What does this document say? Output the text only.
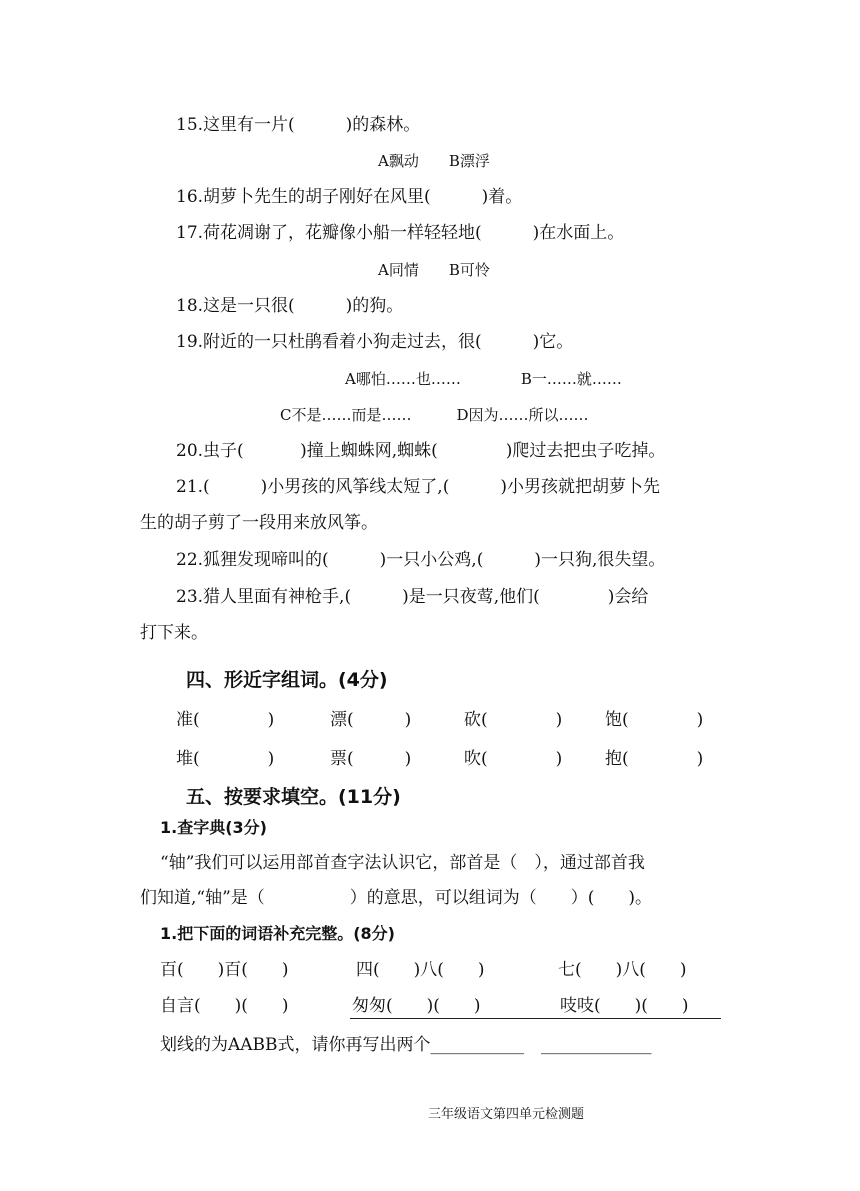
15.这里有一片(　　　)的森林。
A飘动　　B漂浮
16.胡萝卜先生的胡子刚好在风里(　　　)着。
17.荷花凋谢了，花瓣像小船一样轻轻地(　　　)在水面上。
A同情　　B可怜
18.这是一只很(　　　)的狗。
19.附近的一只杜鹃看着小狗走过去，很(　　　)它。
A哪怕……也……　　　　B一……就……
C不是……而是……　　　D因为……所以……
20.虫子(　　　 )撞上蜘蛛网,蜘蛛(　　　　)爬过去把虫子吃掉。
21.(　　　)小男孩的风筝线太短了,(　　　)小男孩就把胡萝卜先
生的胡子剪了一段用来放风筝。
22.狐狸发现啼叫的(　　　)一只小公鸡,(　　　)一只狗,很失望。
23.猎人里面有神枪手,(　　　)是一只夜莺,他们(　　　　)会给
打下来。
四、形近字组词。(4分)
准(　　　　)	漂(　　　)	砍(　　　　)	饱(　　　　)
堆(　　　　)	票(　　　)	吹(　　　　)	抱(　　　　)
五、按要求填空。(11分)
1.查字典(3分)
“轴”我们可以运用部首查字法认识它，部首是（　），通过部首我
们知道,“轴”是（　　　　　）的意思，可以组词为（　　）(　　)。
1.把下面的词语补充完整。(8分)
百(　　)百(　　)	四(　　)八(　　)	七(　　)八(　　)
自言(　　)(　　)	匆匆(　　)(　　)	吱吱(　　)(　　)
划线的为AABB式，请你再写出两个___________　_____________
三年级语文第四单元检测题
